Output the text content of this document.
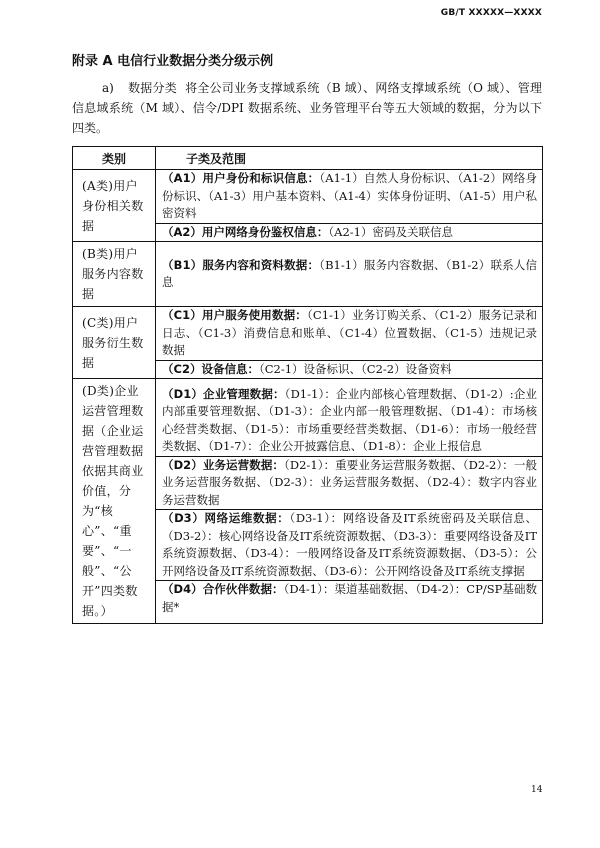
GB/T XXXXX—XXXX
附录 A 电信行业数据分类分级示例

a) 数据分类 将全公司业务支撑域系统（B 域）、网络支撑域系统（O 域）、管理信息域系统（M 域）、信令/DPI 数据系统、业务管理平台等五大领域的数据，分为以下四类。

类别	子类及范围
(A类)用户身份相关数据	（A1）用户身份和标识信息：（A1-1）自然人身份标识、（A1-2）网络身份标识、（A1-3）用户基本资料、（A1-4）实体身份证明、（A1-5）用户私密资料
（A2）用户网络身份鉴权信息：（A2-1）密码及关联信息

(B类)用户服务内容数据	（B1）服务内容和资料数据：（B1-1）服务内容数据、（B1-2）联系人信息

(C类)用户服务衍生数据	（C1）用户服务使用数据：（C1-1）业务订购关系、（C1-2）服务记录和日志、（C1-3）消费信息和账单、（C1-4）位置数据、（C1-5）违规记录数据
（C2）设备信息：（C2-1）设备标识、（C2-2）设备资料

(D类)企业运营管理数据（企业运营管理数据依据其商业价值，分为“核心”、“重要”、“一般”、“公开”四类数据。）	（D1）企业管理数据：（D1-1）：企业内部核心管理数据、（D1-2）:企业内部重要管理数据、（D1-3）：企业内部一般管理数据、（D1-4）：市场核心经营类数据、（D1-5）：市场重要经营类数据、（D1-6）：市场一般经营类数据、（D1-7）：企业公开披露信息、（D1-8）：企业上报信息
（D2）业务运营数据：（D2-1）：重要业务运营服务数据、（D2-2）：一般业务运营服务数据、（D2-3）：业务运营服务数据、（D2-4）：数字内容业务运营数据
（D3）网络运维数据：（D3-1）：网络设备及IT系统密码及关联信息、（D3-2）：核心网络设备及IT系统资源数据、（D3-3）：重要网络设备及IT系统资源数据、（D3-4）：一般网络设备及IT系统资源数据、（D3-5）：公开网络设备及IT系统资源数据、（D3-6）：公开网络设备及IT系统支撑据
（D4）合作伙伴数据：（D4-1）：渠道基础数据、（D4-2）：CP/SP基础数据*
14
